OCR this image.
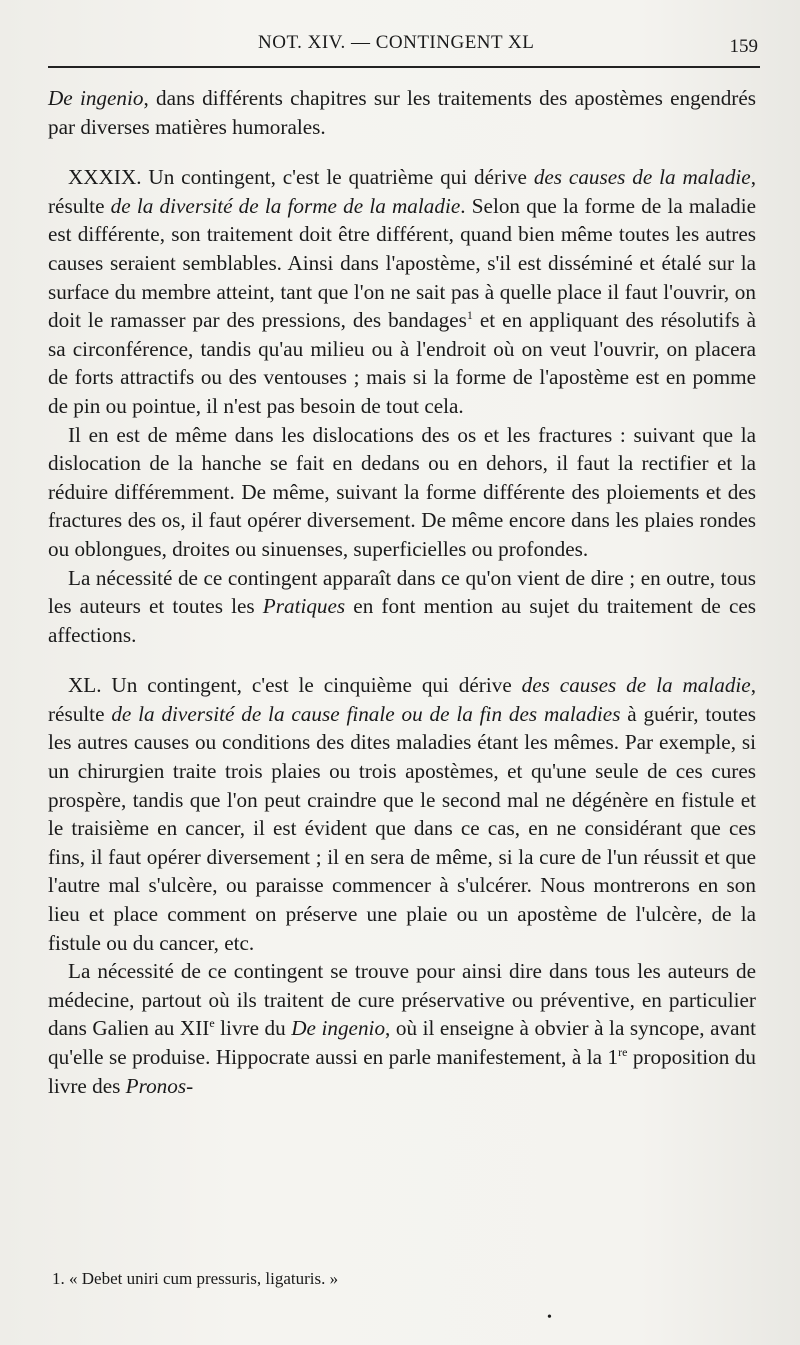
NOT. XIV. — CONTINGENT XL	159

De ingenio, dans différents chapitres sur les traitements des apostèmes engendrés par diverses matières humorales.

XXXIX. Un contingent, c'est le quatrième qui dérive des causes de la maladie, résulte de la diversité de la forme de la maladie. Selon que la forme de la maladie est différente, son traitement doit être différent, quand bien même toutes les autres causes seraient semblables. Ainsi dans l'apostème, s'il est disséminé et étalé sur la surface du membre atteint, tant que l'on ne sait pas à quelle place il faut l'ouvrir, on doit le ramasser par des pressions, des bandages$^1$ et en appliquant des résolutifs à sa circonférence, tandis qu'au milieu ou à l'endroit où on veut l'ouvrir, on placera de forts attractifs ou des ventouses ; mais si la forme de l'apostème est en pomme de pin ou pointue, il n'est pas besoin de tout cela.

Il en est de même dans les dislocations des os et les fractures : suivant que la dislocation de la hanche se fait en dedans ou en dehors, il faut la rectifier et la réduire différemment. De même, suivant la forme différente des ploiements et des fractures des os, il faut opérer diversement. De même encore dans les plaies rondes ou oblongues, droites ou sinuenses, superficielles ou profondes.

La nécessité de ce contingent apparaît dans ce qu'on vient de dire ; en outre, tous les auteurs et toutes les Pratiques en font mention au sujet du traitement de ces affections.

XL. Un contingent, c'est le cinquième qui dérive des causes de la maladie, résulte de la diversité de la cause finale ou de la fin des maladies à guérir, toutes les autres causes ou conditions des dites maladies étant les mêmes. Par exemple, si un chirurgien traite trois plaies ou trois apostèmes, et qu'une seule de ces cures prospère, tandis que l'on peut craindre que le second mal ne dégénère en fistule et le traisième en cancer, il est évident que dans ce cas, en ne considérant que ces fins, il faut opérer diversement ; il en sera de même, si la cure de l'un réussit et que l'autre mal s'ulcère, ou paraisse commencer à s'ulcérer. Nous montrerons en son lieu et place comment on préserve une plaie ou un apostème de l'ulcère, de la fistule ou du cancer, etc.

La nécessité de ce contingent se trouve pour ainsi dire dans tous les auteurs de médecine, partout où ils traitent de cure préservative ou préventive, en particulier dans Galien au XIIe livre du De ingenio, où il enseigne à obvier à la syncope, avant qu'elle se produise. Hippocrate aussi en parle manifestement, à la 1re proposition du livre des Pronos-

1. « Debet uniri cum pressuris, ligaturis. »
•
